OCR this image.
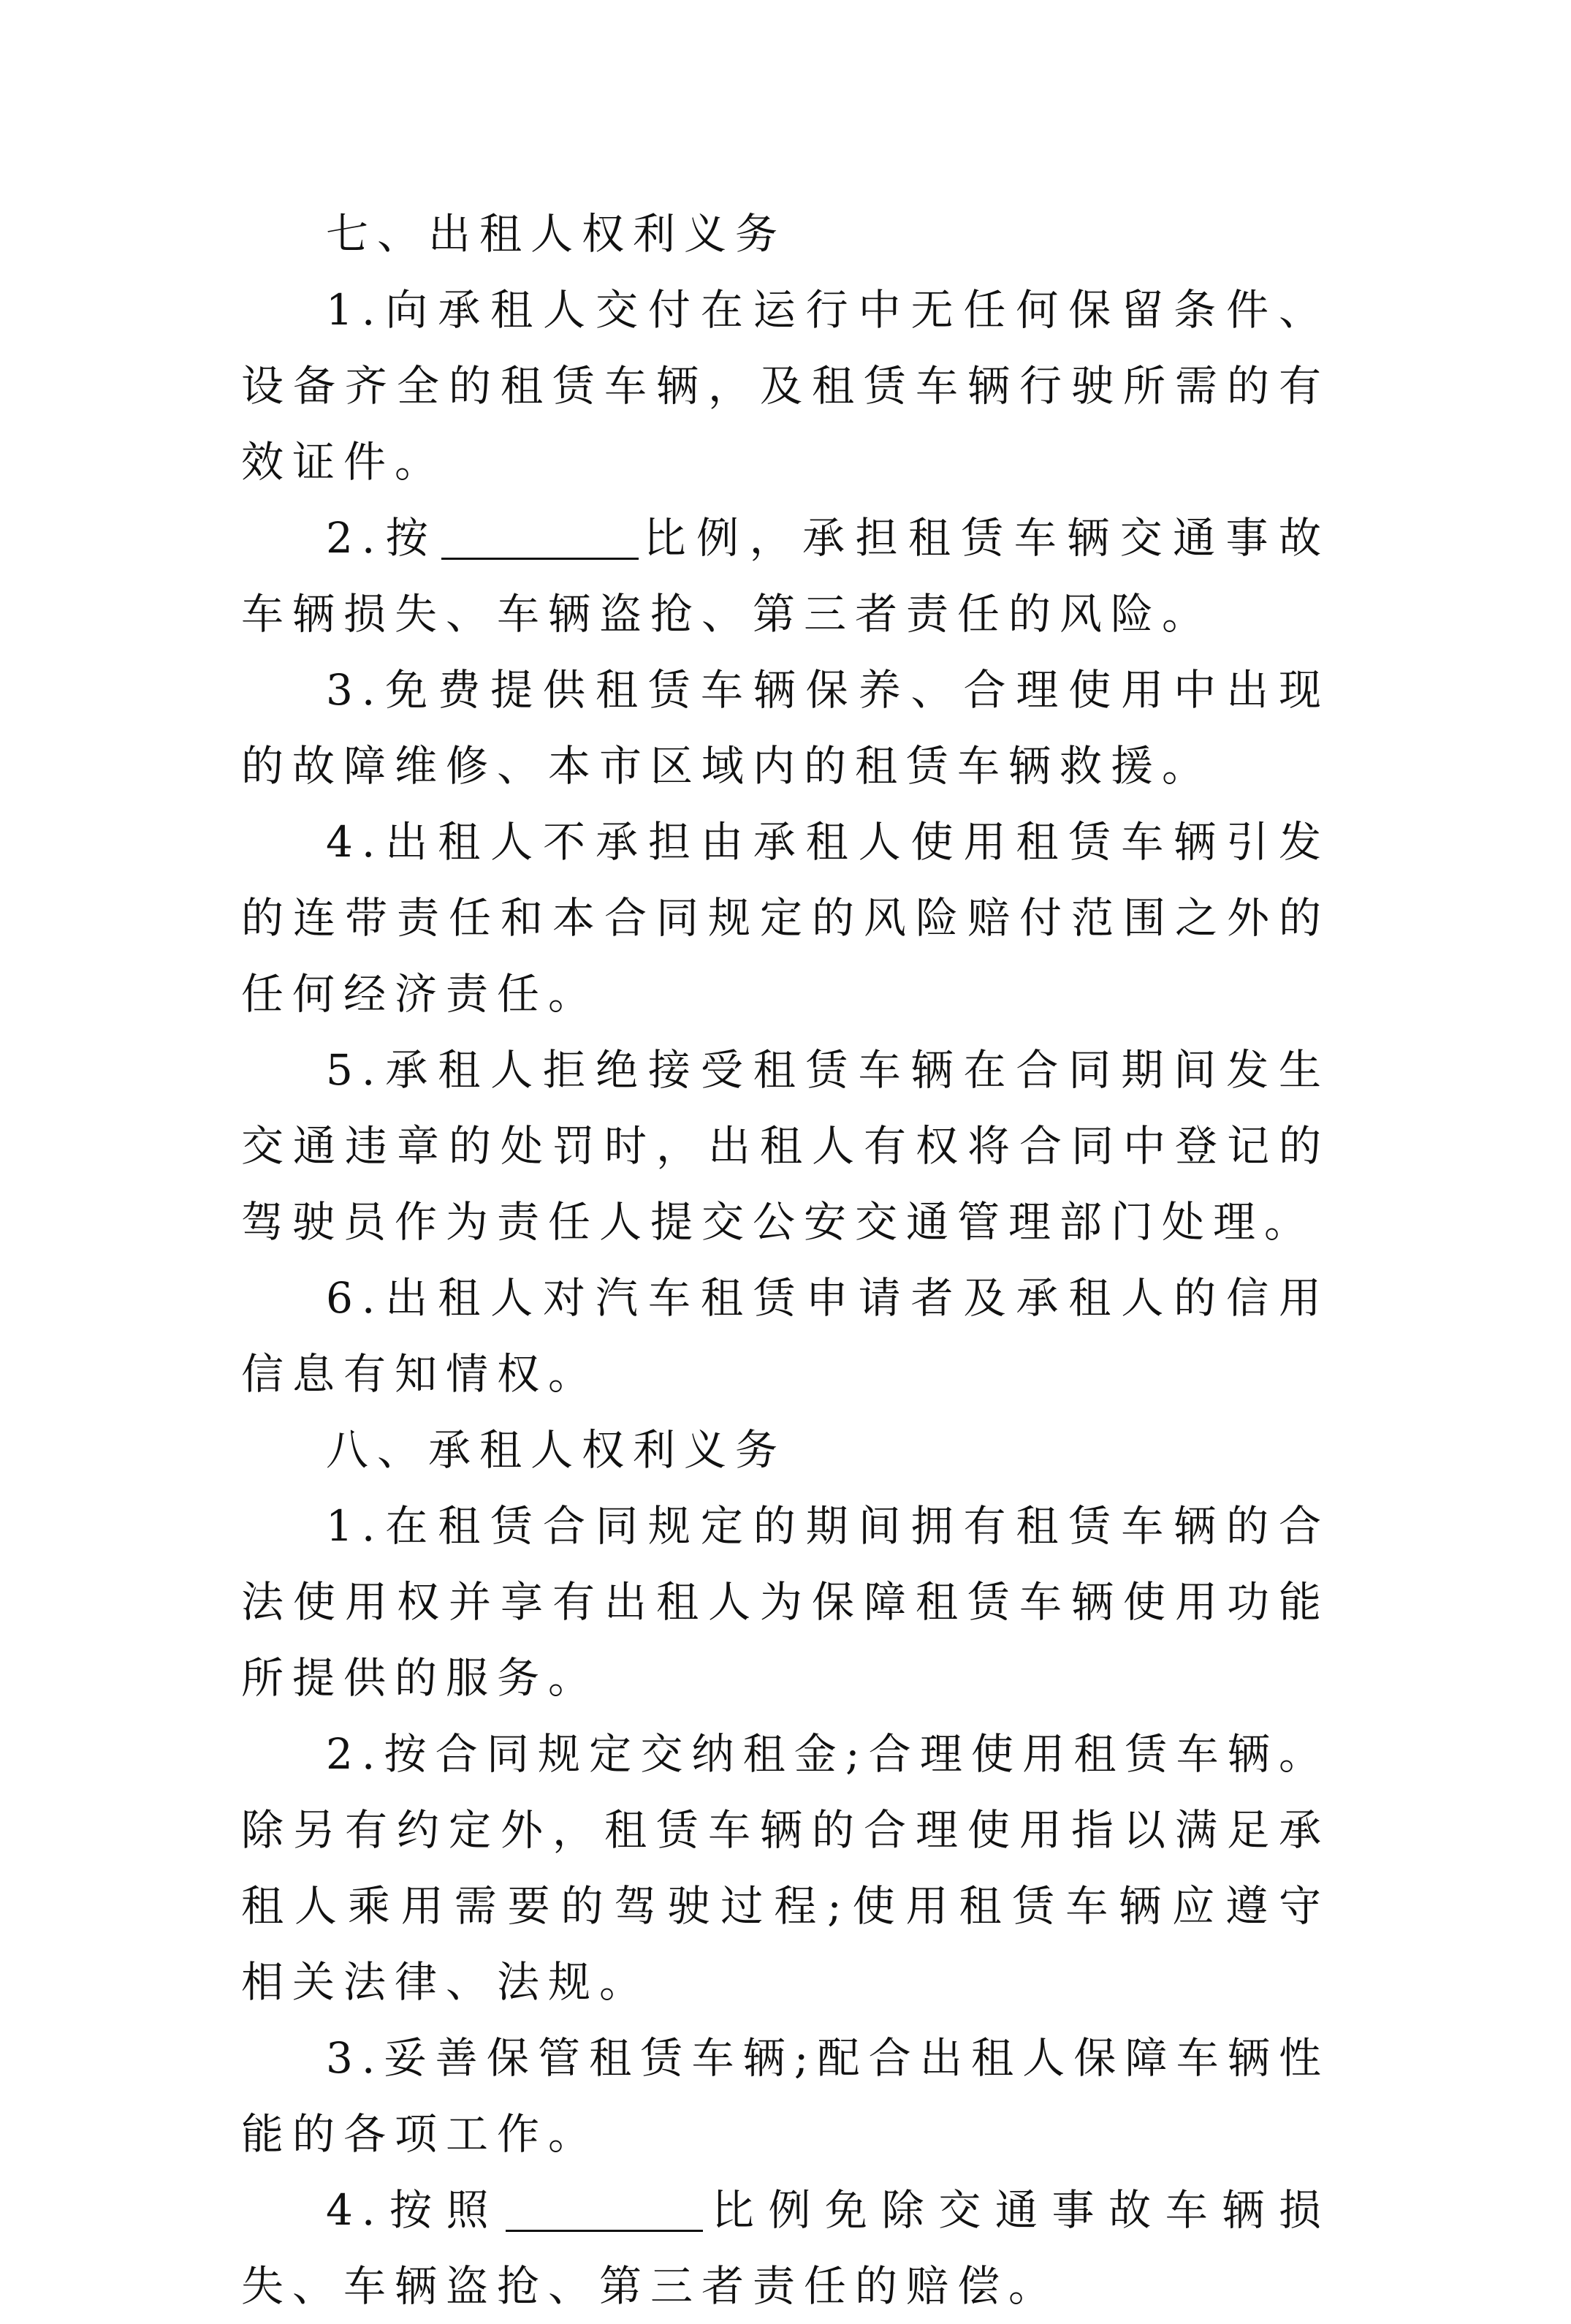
七、出租人权利义务

1.向承租人交付在运行中无任何保留条件、设备齐全的租赁车辆，及租赁车辆行驶所需的有效证件。

2.按	比例，承担租赁车辆交通事故车辆损失、车辆盗抢、第三者责任的风险。

3.免费提供租赁车辆保养、合理使用中出现的故障维修、本市区域内的租赁车辆救援。

4.出租人不承担由承租人使用租赁车辆引发的连带责任和本合同规定的风险赔付范围之外的任何经济责任。

5.承租人拒绝接受租赁车辆在合同期间发生交通违章的处罚时，出租人有权将合同中登记的驾驶员作为责任人提交公安交通管理部门处理。

6.出租人对汽车租赁申请者及承租人的信用信息有知情权。

八、承租人权利义务

1.在租赁合同规定的期间拥有租赁车辆的合法使用权并享有出租人为保障租赁车辆使用功能所提供的服务。

2.按合同规定交纳租金;合理使用租赁车辆。除另有约定外，租赁车辆的合理使用指以满足承租人乘用需要的驾驶过程;使用租赁车辆应遵守相关法律、法规。

3.妥善保管租赁车辆;配合出租人保障车辆性能的各项工作。

4.按照	比例免除交通事故车辆损失、车辆盗抢、第三者责任的赔偿。
